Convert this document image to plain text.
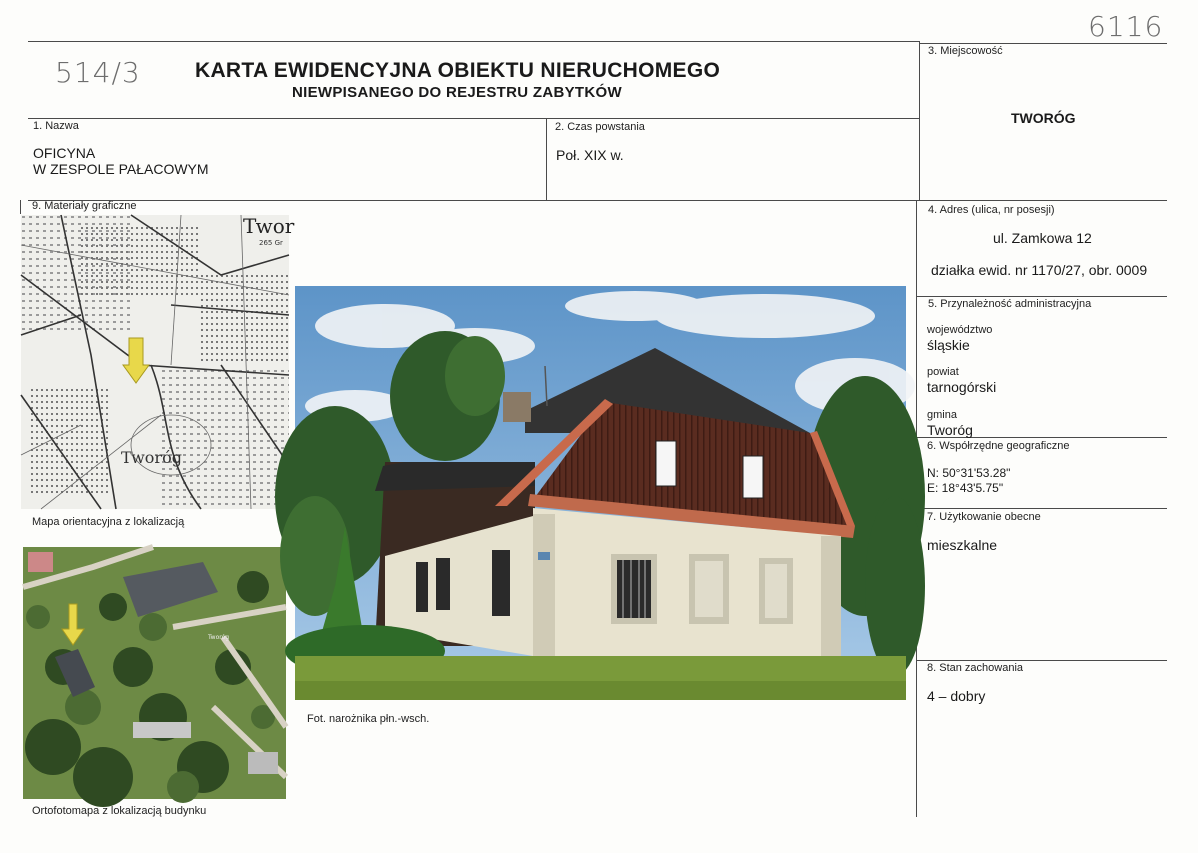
6116
514/3	KARTA EWIDENCYJNA OBIEKTU NIERUCHOMEGO
NIEWPISANEGO DO REJESTRU ZABYTKÓW
1. Nazwa
OFICYNA
W ZESPOLE PAŁACOWYM
2. Czas powstania
Poł. XIX w.
3. Miejscowość
TWORÓG
4. Adres (ulica, nr posesji)
ul. Zamkowa 12
działka ewid. nr 1170/27, obr. 0009
5. Przynależność administracyjna
województwo
śląskie
powiat
tarnogórski
gmina
Tworóg
6. Współrzędne geograficzne
N: 50°31'53.28"
E: 18°43'5.75"
7. Użytkowanie obecne
mieszkalne
8. Stan zachowania
4 – dobry
9. Materiały graficzne
Twor
265 Gr
Tworóg
Mapa orientacyjna z lokalizacją
Tworóg
Ortofotomapa z lokalizacją budynku
Fot. narożnika płn.-wsch.
